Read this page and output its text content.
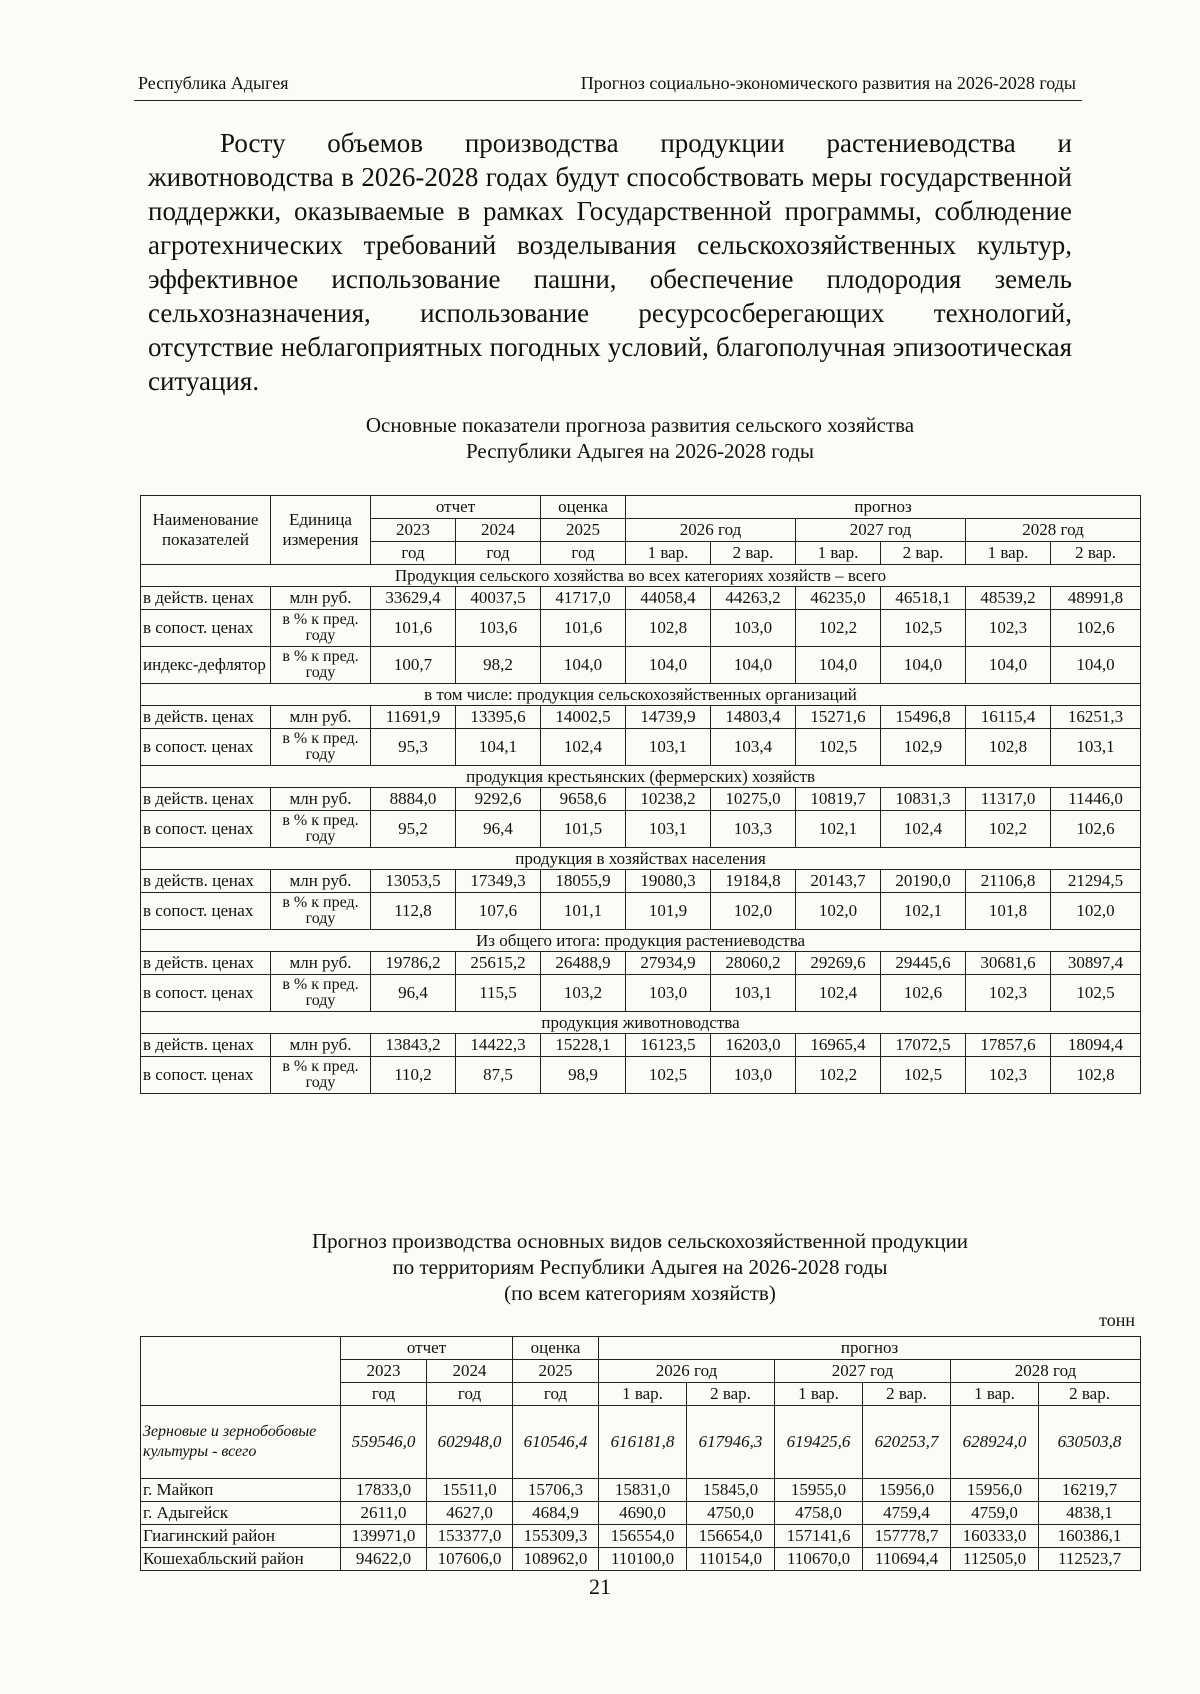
Республика Адыгея	Прогноз социально-экономического развития на 2026-2028 годы

Росту объемов производства продукции растениеводства и животноводства в 2026-2028 годах будут способствовать меры государственной поддержки, оказываемые в рамках Государственной программы, соблюдение агротехнических требований возделывания сельскохозяйственных культур, эффективное использование пашни, обеспечение плодородия земель сельхозназначения, использование ресурсосберегающих технологий, отсутствие неблагоприятных погодных условий, благополучная эпизоотическая ситуация.

Основные показатели прогноза развития сельского хозяйства
Республики Адыгея на 2026-2028 годы
Наименование показателей	Единица измерения	отчет		оценка	прогноз					
		2023	2024	2025	2026 год		2027 год		2028 год	
		год	год	год	1 вар.	2 вар.	1 вар.	2 вар.	1 вар.	2 вар.
Продукция сельского хозяйства во всех категориях хозяйств – всего										
в действ. ценах	млн руб.	33629,4	40037,5	41717,0	44058,4	44263,2	46235,0	46518,1	48539,2	48991,8
в сопост. ценах	в % к пред. году	101,6	103,6	101,6	102,8	103,0	102,2	102,5	102,3	102,6
индекс-дефлятор	в % к пред. году	100,7	98,2	104,0	104,0	104,0	104,0	104,0	104,0	104,0
в том числе: продукция сельскохозяйственных организаций										
в действ. ценах	млн руб.	11691,9	13395,6	14002,5	14739,9	14803,4	15271,6	15496,8	16115,4	16251,3
в сопост. ценах	в % к пред. году	95,3	104,1	102,4	103,1	103,4	102,5	102,9	102,8	103,1
продукция крестьянских (фермерских) хозяйств										
в действ. ценах	млн руб.	8884,0	9292,6	9658,6	10238,2	10275,0	10819,7	10831,3	11317,0	11446,0
в сопост. ценах	в % к пред. году	95,2	96,4	101,5	103,1	103,3	102,1	102,4	102,2	102,6
продукция в хозяйствах населения										
в действ. ценах	млн руб.	13053,5	17349,3	18055,9	19080,3	19184,8	20143,7	20190,0	21106,8	21294,5
в сопост. ценах	в % к пред. году	112,8	107,6	101,1	101,9	102,0	102,0	102,1	101,8	102,0
Из общего итога: продукция растениеводства										
в действ. ценах	млн руб.	19786,2	25615,2	26488,9	27934,9	28060,2	29269,6	29445,6	30681,6	30897,4
в сопост. ценах	в % к пред. году	96,4	115,5	103,2	103,0	103,1	102,4	102,6	102,3	102,5
продукция животноводства										
в действ. ценах	млн руб.	13843,2	14422,3	15228,1	16123,5	16203,0	16965,4	17072,5	17857,6	18094,4
в сопост. ценах	в % к пред. году	110,2	87,5	98,9	102,5	103,0	102,2	102,5	102,3	102,8
Прогноз производства основных видов сельскохозяйственной продукции
по территориям Республики Адыгея на 2026-2028 годы
(по всем категориям хозяйств)
тонн
	отчет		оценка	прогноз					
	2023	2024	2025	2026 год		2027 год		2028 год	
	год	год	год	1 вар.	2 вар.	1 вар.	2 вар.	1 вар.	2 вар.
Зерновые и зернобобовые культуры - всего	559546,0	602948,0	610546,4	616181,8	617946,3	619425,6	620253,7	628924,0	630503,8
г. Майкоп	17833,0	15511,0	15706,3	15831,0	15845,0	15955,0	15956,0	15956,0	16219,7
г. Адыгейск	2611,0	4627,0	4684,9	4690,0	4750,0	4758,0	4759,4	4759,0	4838,1
Гиагинский район	139971,0	153377,0	155309,3	156554,0	156654,0	157141,6	157778,7	160333,0	160386,1
Кошехабльский район	94622,0	107606,0	108962,0	110100,0	110154,0	110670,0	110694,4	112505,0	112523,7
21
